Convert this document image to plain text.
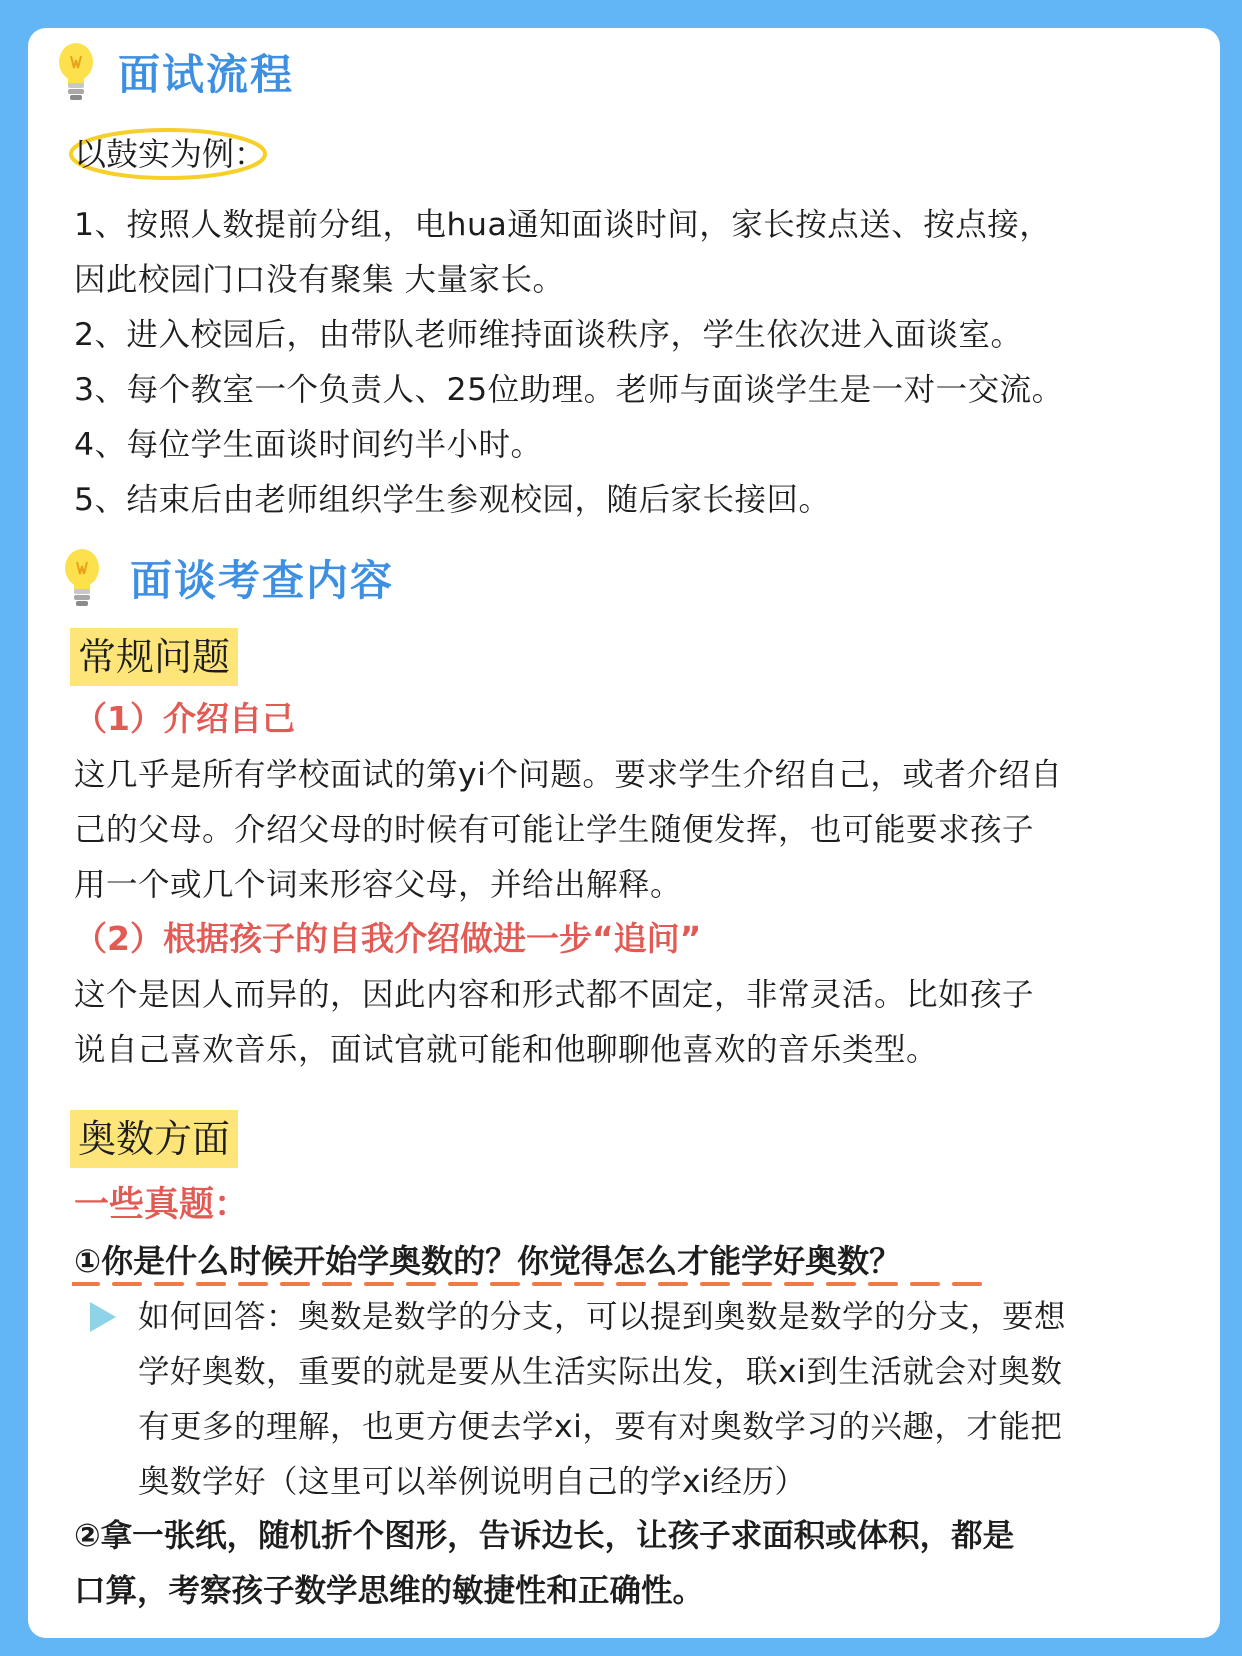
面试流程
以鼓实为例：
1、按照人数提前分组，电hua通知面谈时间，家长按点送、按点接，
因此校园门口没有聚集 大量家长。
2、进入校园后，由带队老师维持面谈秩序，学生依次进入面谈室。
3、每个教室一个负责人、25位助理。老师与面谈学生是一对一交流。
4、每位学生面谈时间约半小时。
5、结束后由老师组织学生参观校园，随后家长接回。
面谈考查内容
常规问题
（1）介绍自己
这几乎是所有学校面试的第yi个问题。要求学生介绍自己，或者介绍自
己的父母。介绍父母的时候有可能让学生随便发挥，也可能要求孩子
用一个或几个词来形容父母，并给出解释。
（2）根据孩子的自我介绍做进一步“追问”
这个是因人而异的，因此内容和形式都不固定，非常灵活。比如孩子
说自己喜欢音乐，面试官就可能和他聊聊他喜欢的音乐类型。
奥数方面
一些真题：
①你是什么时候开始学奥数的？你觉得怎么才能学好奥数？
如何回答：奥数是数学的分支，可以提到奥数是数学的分支，要想
学好奥数，重要的就是要从生活实际出发，联xi到生活就会对奥数
有更多的理解，也更方便去学xi，要有对奥数学习的兴趣，才能把
奥数学好（这里可以举例说明自己的学xi经历）
②拿一张纸，随机折个图形，告诉边长，让孩子求面积或体积，都是
口算，考察孩子数学思维的敏捷性和正确性。
